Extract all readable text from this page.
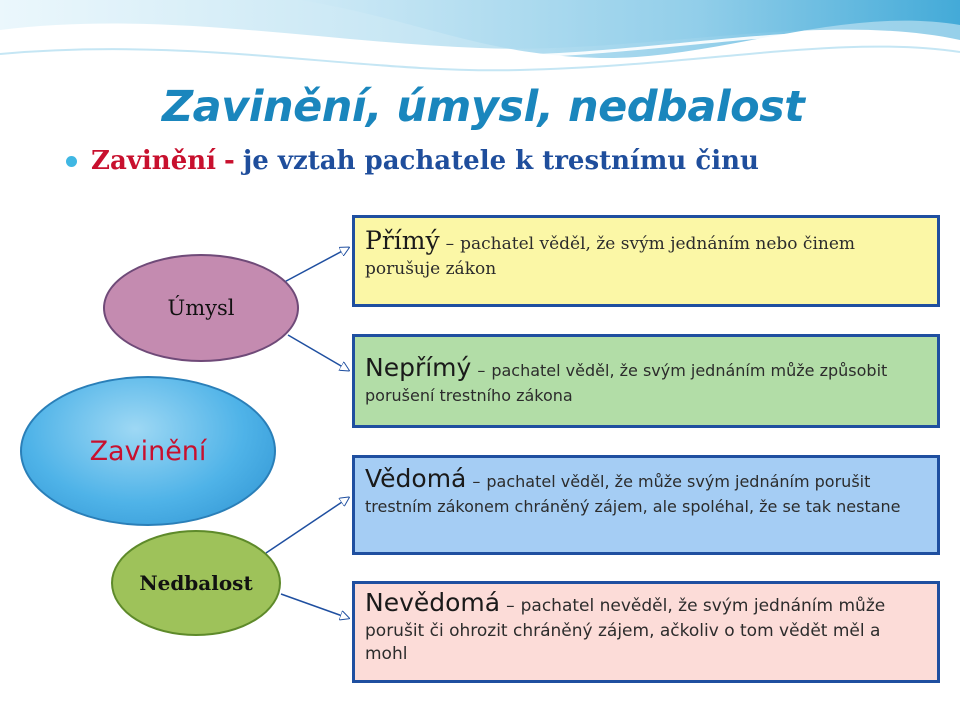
Zavinění, úmysl, nedbalost
Zavinění - je vztah pachatele k trestnímu činu
Úmysl
Zavinění
Nedbalost
Přímý – pachatel věděl, že svým jednáním nebo činem porušuje zákon
Nepřímý – pachatel věděl, že svým jednáním může způsobit porušení trestního zákona
Vědomá – pachatel věděl, že může svým jednáním porušit trestním zákonem chráněný zájem, ale spoléhal, že se tak nestane
Nevědomá – pachatel nevěděl, že svým jednáním může porušit či ohrozit chráněný zájem, ačkoliv o tom vědět měl a mohl
